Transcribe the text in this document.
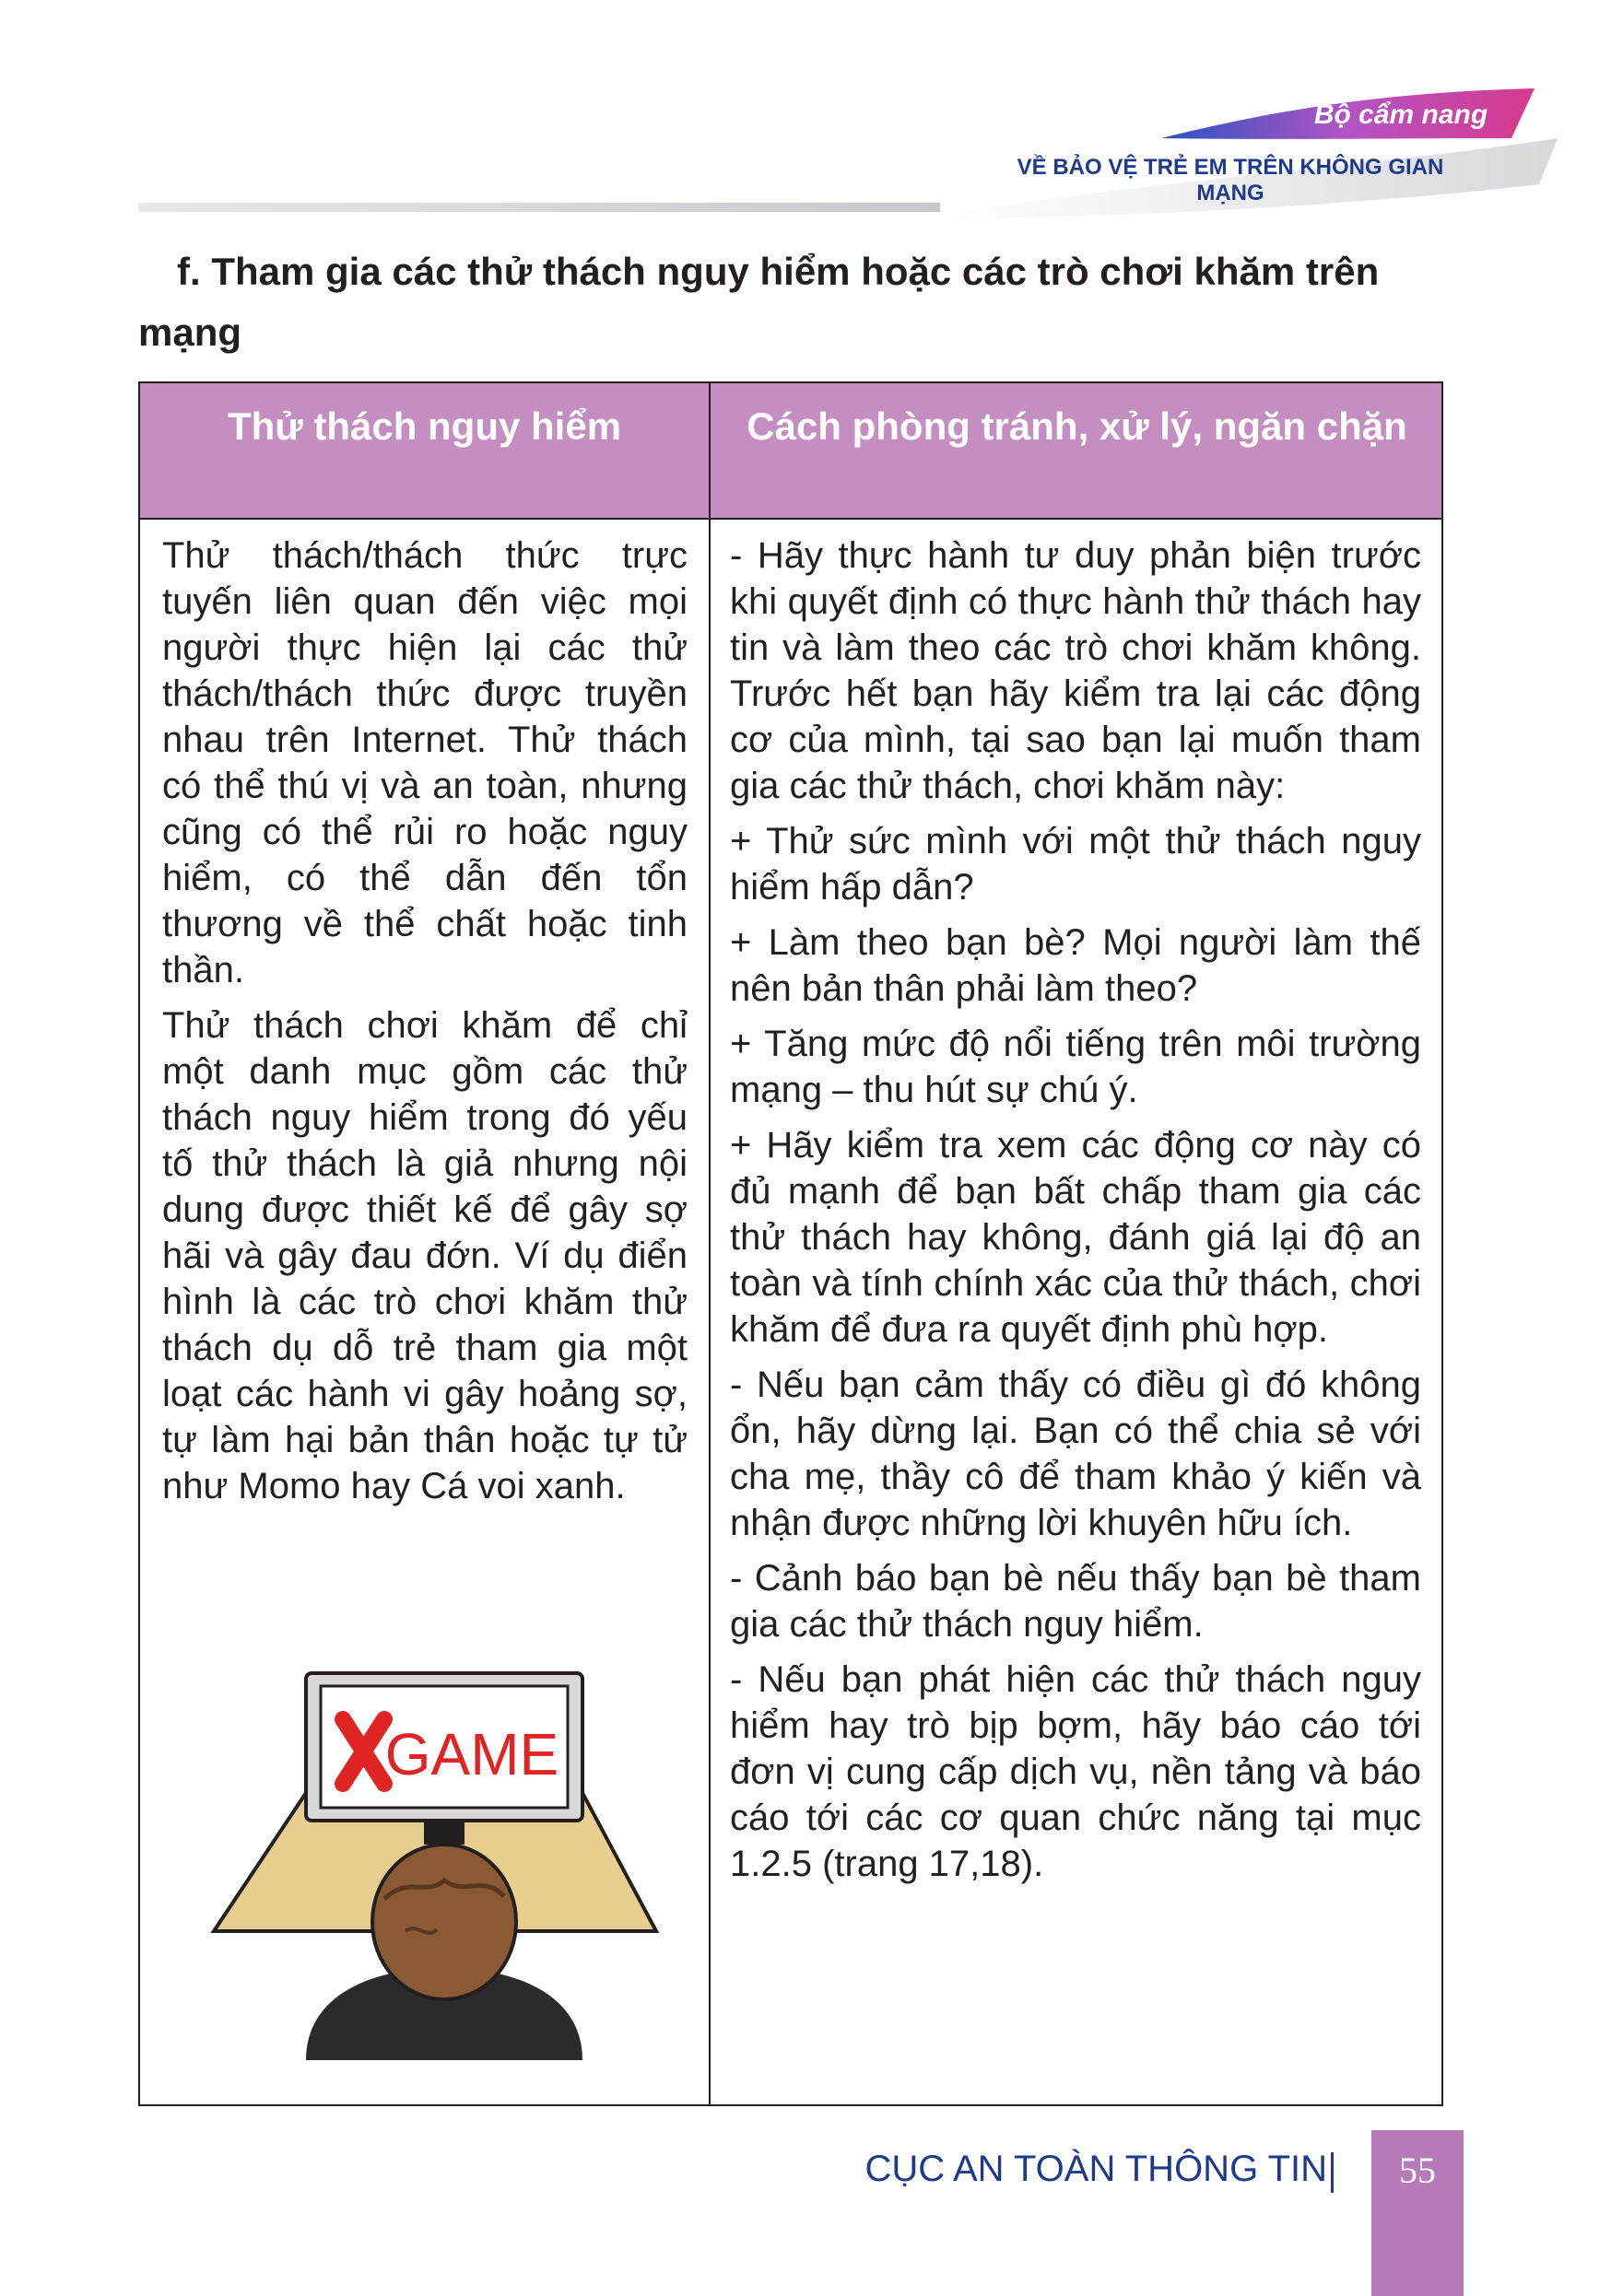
Bộ cẩm nang
VỀ BẢO VỆ TRẺ EM TRÊN KHÔNG GIAN MẠNG
f. Tham gia các thử thách nguy hiểm hoặc các trò chơi khăm trên mạng
Thử thách nguy hiểm	Cách phòng tránh, xử lý, ngăn chặn

Thử thách/thách thức trực tuyến liên quan đến việc mọi người thực hiện lại các thử thách/thách thức được truyền nhau trên Internet. Thử thách có thể thú vị và an toàn, nhưng cũng có thể rủi ro hoặc nguy hiểm, có thể dẫn đến tổn thương về thể chất hoặc tinh thần.

Thử thách chơi khăm để chỉ một danh mục gồm các thử thách nguy hiểm trong đó yếu tố thử thách là giả nhưng nội dung được thiết kế để gây sợ hãi và gây đau đớn. Ví dụ điển hình là các trò chơi khăm thử thách dụ dỗ trẻ tham gia một loạt các hành vi gây hoảng sợ, tự làm hại bản thân hoặc tự tử như Momo hay Cá voi xanh.

- Hãy thực hành tư duy phản biện trước khi quyết định có thực hành thử thách hay tin và làm theo các trò chơi khăm không. Trước hết bạn hãy kiểm tra lại các động cơ của mình, tại sao bạn lại muốn tham gia các thử thách, chơi khăm này:

+ Thử sức mình với một thử thách nguy hiểm hấp dẫn?

+ Làm theo bạn bè? Mọi người làm thế nên bản thân phải làm theo?

+ Tăng mức độ nổi tiếng trên môi trường mạng – thu hút sự chú ý.

+ Hãy kiểm tra xem các động cơ này có đủ mạnh để bạn bất chấp tham gia các thử thách hay không, đánh giá lại độ an toàn và tính chính xác của thử thách, chơi khăm để đưa ra quyết định phù hợp.

- Nếu bạn cảm thấy có điều gì đó không ổn, hãy dừng lại. Bạn có thể chia sẻ với cha mẹ, thầy cô để tham khảo ý kiến và nhận được những lời khuyên hữu ích.

- Cảnh báo bạn bè nếu thấy bạn bè tham gia các thử thách nguy hiểm.

- Nếu bạn phát hiện các thử thách nguy hiểm hay trò bịp bợm, hãy báo cáo tới đơn vị cung cấp dịch vụ, nền tảng và báo cáo tới các cơ quan chức năng tại mục 1.2.5 (trang 17,18).

GAME
CỤC AN TOÀN THÔNG TIN	55
